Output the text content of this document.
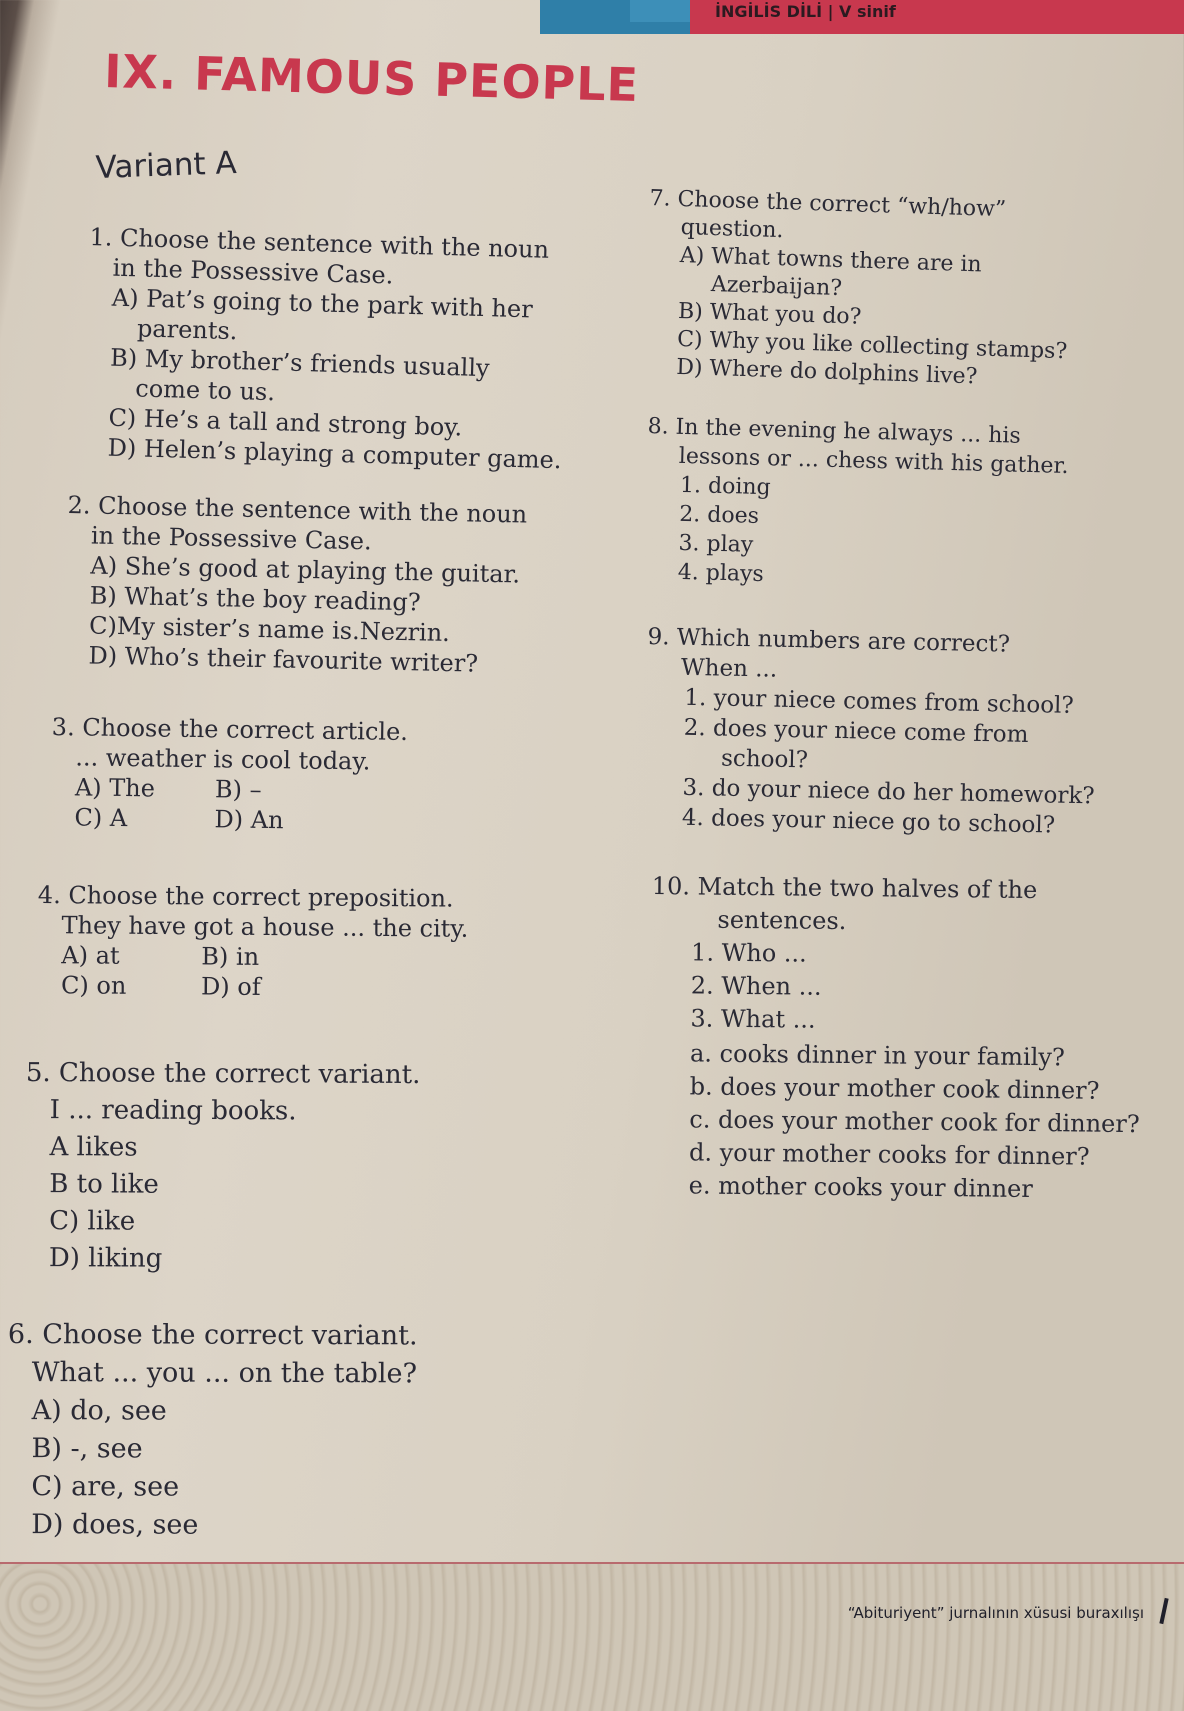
İNGİLİS DİLİ | V sinif
IX. FAMOUS PEOPLE
Variant A

1. Choose the sentence with the noun

in the Possessive Case.

A) Pat’s going to the park with her

parents.

B) My brother’s friends usually

come to us.

C) He’s a tall and strong boy.

D) Helen’s playing a computer game.

2. Choose the sentence with the noun

in the Possessive Case.

A) She’s good at playing the guitar.

B) What’s the boy reading?

C)My sister’s name is.Nezrin.

D) Who’s their favourite writer?

3. Choose the correct article.

... weather is cool today.

A) The	B) –
C) A	D) An

4. Choose the correct preposition.

They have got a house ... the city.

A) at	B) in
C) on	D) of

5. Choose the correct variant.

I ... reading books.

A likes

B to like

C) like

D) liking

6. Choose the correct variant.

What ... you ... on the table?

A) do, see

B) -, see

C) are, see

D) does, see

7. Choose the correct “wh/how”

question.

A) What towns there are in

Azerbaijan?

B) What you do?

C) Why you like collecting stamps?

D) Where do dolphins live?

8. In the evening he always ... his

lessons or ... chess with his gather.

1. doing

2. does

3. play

4. plays

9. Which numbers are correct?

When ...

1. your niece comes from school?

2. does your niece come from

school?

3. do your niece do her homework?

4. does your niece go to school?

10. Match the two halves of the

sentences.

1. Who ...

2. When ...

3. What ...

a. cooks dinner in your family?

b. does your mother cook dinner?

c. does your mother cook for dinner?

d. your mother cooks for dinner?

e. mother cooks your dinner

“Abituriyent” jurnalının xüsusi buraxılışı
